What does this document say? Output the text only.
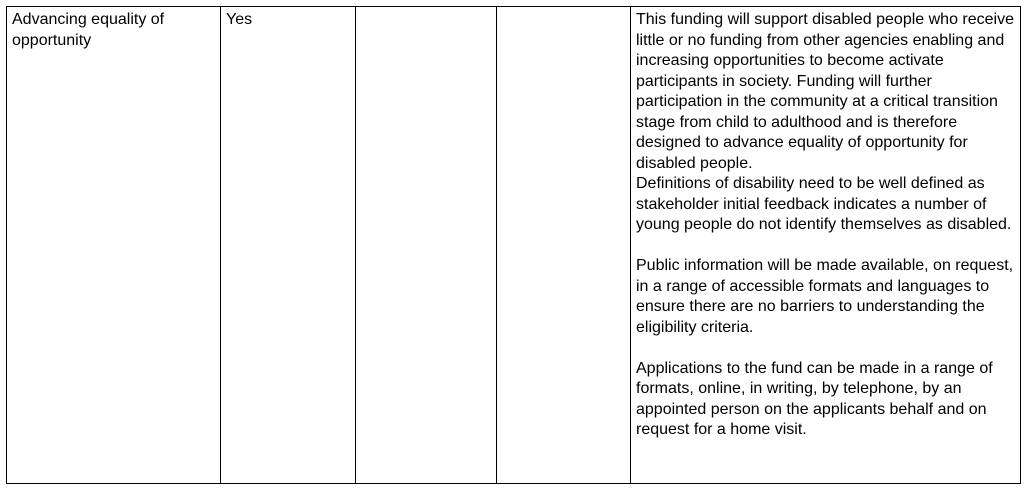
Advancing equality of opportunity	Yes			This funding will support disabled people who receive little or no funding from other agencies enabling and increasing opportunities to become activate participants in society. Funding will further participation in the community at a critical transition stage from child to adulthood and is therefore designed to advance equality of opportunity for disabled people.

Definitions of disability need to be well defined as stakeholder initial feedback indicates a number of young people do not identify themselves as disabled.

Public information will be made available, on request, in a range of accessible formats and languages to ensure there are no barriers to understanding the eligibility criteria.

Applications to the fund can be made in a range of formats, online, in writing, by telephone, by an appointed person on the applicants behalf and on request for a home visit.
